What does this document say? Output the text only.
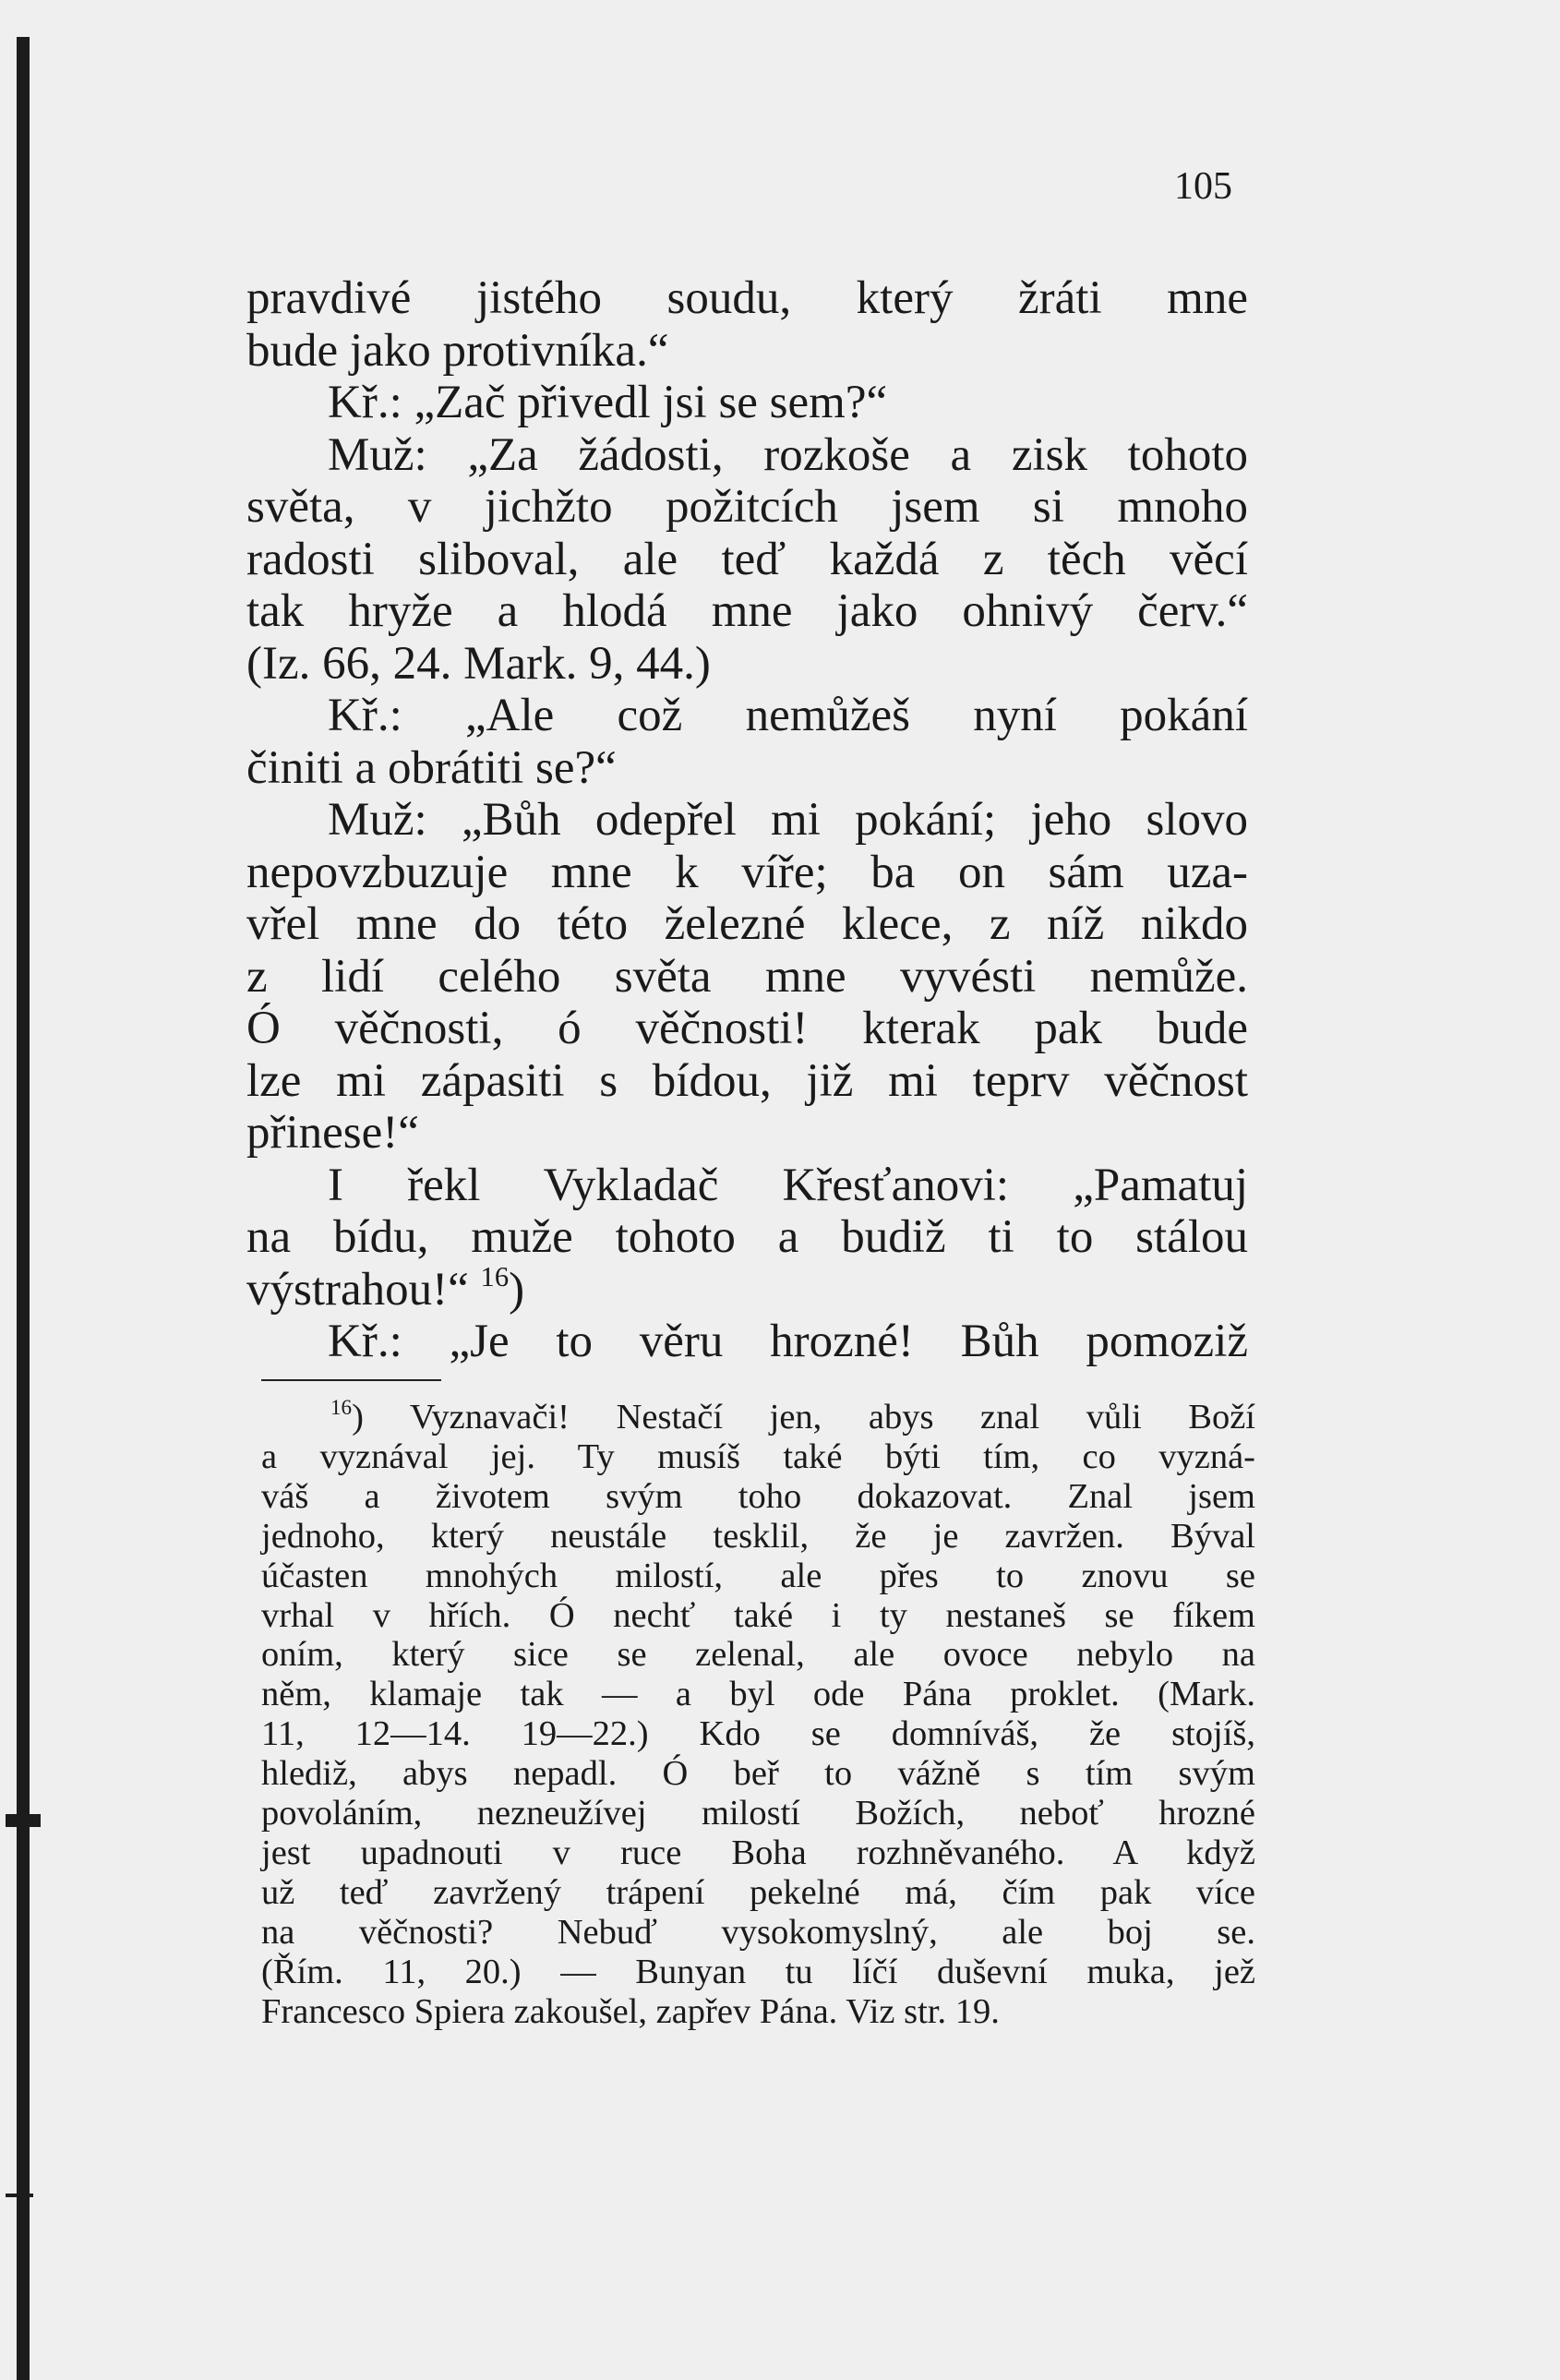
105
pravdivé jistého soudu, který žráti mne
bude jako protivníka.“
Kř.: „Zač přivedl jsi se sem?“
Muž: „Za žádosti, rozkoše a zisk tohoto
světa, v jichžto požitcích jsem si mnoho
radosti sliboval, ale teď každá z těch věcí
tak hryže a hlodá mne jako ohnivý červ.“
(Iz. 66, 24. Mark. 9, 44.)
Kř.: „Ale což nemůžeš nyní pokání
činiti a obrátiti se?“
Muž: „Bůh odepřel mi pokání; jeho slovo
nepovzbuzuje mne k víře; ba on sám uza-
vřel mne do této železné klece, z níž nikdo
z lidí celého světa mne vyvésti nemůže.
Ó věčnosti, ó věčnosti! kterak pak bude
lze mi zápasiti s bídou, již mi teprv věčnost
přinese!“
I řekl Vykladač Křesťanovi: „Pamatuj
na bídu, muže tohoto a budiž ti to stálou
výstrahou!“ $^{16}$)
Kř.: „Je to věru hrozné! Bůh pomoziž
$^{16}$) Vyznavači! Nestačí jen, abys znal vůli Boží
a vyznával jej. Ty musíš také býti tím, co vyzná-
váš a životem svým toho dokazovat. Znal jsem
jednoho, který neustále tesklil, že je zavržen. Býval
účasten mnohých milostí, ale přes to znovu se
vrhal v hřích. Ó nechť také i ty nestaneš se fíkem
oním, který sice se zelenal, ale ovoce nebylo na
něm, klamaje tak — a byl ode Pána proklet. (Mark.
11, 12—14. 19—22.) Kdo se domníváš, že stojíš,
hlediž, abys nepadl. Ó beř to vážně s tím svým
povoláním, nezneužívej milostí Božích, neboť hrozné
jest upadnouti v ruce Boha rozhněvaného. A když
už teď zavržený trápení pekelné má, čím pak více
na věčnosti? Nebuď vysokomyslný, ale boj se.
(Řím. 11, 20.) — Bunyan tu líčí duševní muka, jež
Francesco Spiera zakoušel, zapřev Pána. Viz str. 19.
